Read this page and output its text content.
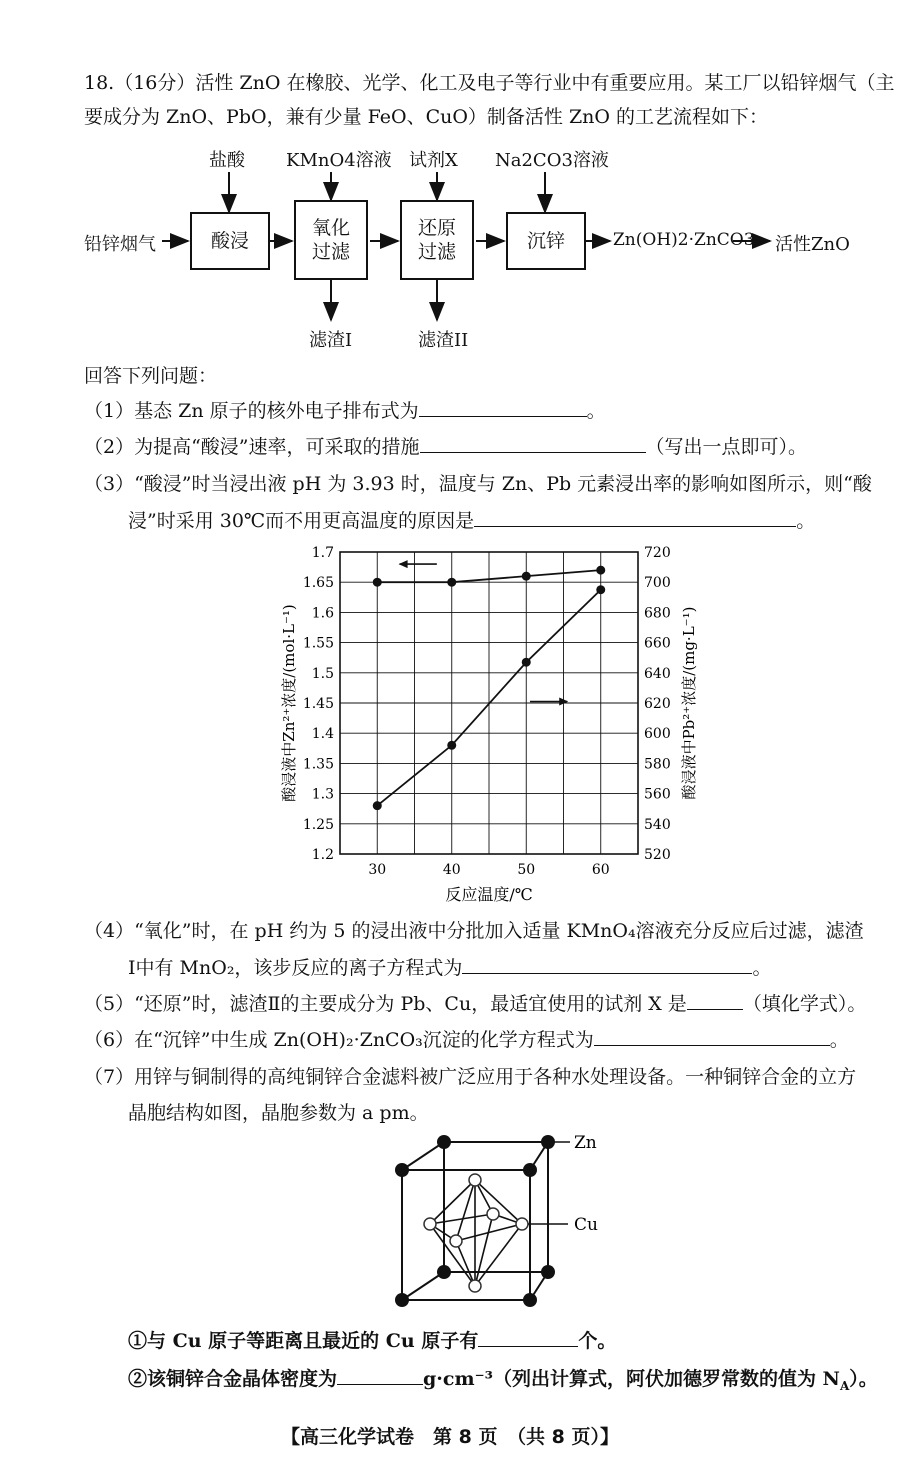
18.（16分）活性 ZnO 在橡胶、光学、化工及电子等行业中有重要应用。某工厂以铅锌烟气（主
要成分为 ZnO、PbO，兼有少量 FeO、CuO）制备活性 ZnO 的工艺流程如下：
盐酸 KMnO4溶液 试剂X Na2CO3溶液
铅锌烟气	酸浸
氧化
过滤
还原
过滤	沉锌	Zn(OH)2·ZnCO3 活性ZnO
滤渣I	滤渣II
回答下列问题：
（1）基态 Zn 原子的核外电子排布式为	。
（2）为提高“酸浸”速率，可采取的措施	（写出一点即可）。
（3）“酸浸”时当浸出液 pH 为 3.93 时，温度与 Zn、Pb 元素浸出率的影响如图所示，则“酸
浸”时采用 30℃而不用更高温度的原因是	。
1.2
1.25
1.3
1.35
1.4
1.45
1.5
1.55
1.6
1.65
1.7
520
540
560
580
600
620
640
660
680
700
720
30	40	50	60
反应温度/℃
酸浸液中Zn²⁺浓度/(mol·L⁻¹)	酸浸液中Pb²⁺浓度/(mg·L⁻¹)
（4）“氧化”时，在 pH 约为 5 的浸出液中分批加入适量 KMnO₄溶液充分反应后过滤，滤渣
Ⅰ中有 MnO₂，该步反应的离子方程式为	。
（5）“还原”时，滤渣Ⅱ的主要成分为 Pb、Cu，最适宜使用的试剂 X 是	（填化学式）。
（6）在“沉锌”中生成 Zn(OH)₂·ZnCO₃沉淀的化学方程式为	。
（7）用锌与铜制得的高纯铜锌合金滤料被广泛应用于各种水处理设备。一种铜锌合金的立方
晶胞结构如图，晶胞参数为 a pm。
Zn
Cu
①与 Cu 原子等距离且最近的 Cu 原子有	个。
②该铜锌合金晶体密度为	g·cm⁻³（列出计算式，阿伏加德罗常数的值为 $N_A$）。
【高三化学试卷　第 8 页　（共 8 页）】
